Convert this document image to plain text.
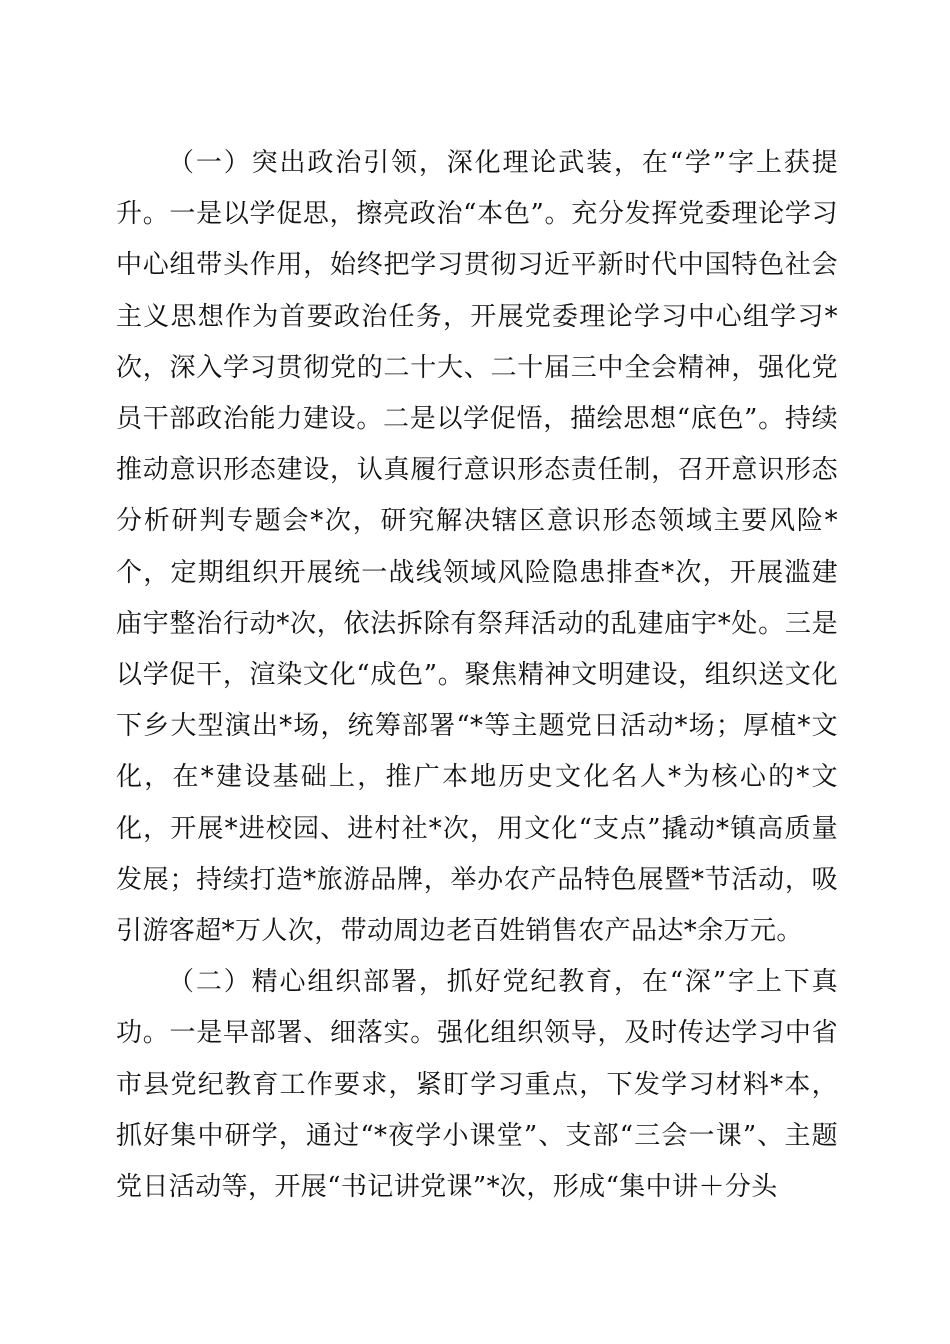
（一）突出政治引领，深化理论武装，在“学”字上获提升。一是以学促思，擦亮政治“本色”。充分发挥党委理论学习中心组带头作用，始终把学习贯彻习近平新时代中国特色社会主义思想作为首要政治任务，开展党委理论学习中心组学习*次，深入学习贯彻党的二十大、二十届三中全会精神，强化党员干部政治能力建设。二是以学促悟，描绘思想“底色”。持续推动意识形态建设，认真履行意识形态责任制，召开意识形态分析研判专题会*次，研究解决辖区意识形态领域主要风险*个，定期组织开展统一战线领域风险隐患排查*次，开展滥建庙宇整治行动*次，依法拆除有祭拜活动的乱建庙宇*处。三是以学促干，渲染文化“成色”。聚焦精神文明建设，组织送文化下乡大型演出*场，统筹部署“*等主题党日活动*场；厚植*文化，在*建设基础上，推广本地历史文化名人*为核心的*文化，开展*进校园、进村社*次，用文化“支点”撬动*镇高质量发展；持续打造*旅游品牌，举办农产品特色展暨*节活动，吸引游客超*万人次，带动周边老百姓销售农产品达*余万元。

（二）精心组织部署，抓好党纪教育，在“深”字上下真功。一是早部署、细落实。强化组织领导，及时传达学习中省市县党纪教育工作要求，紧盯学习重点，下发学习材料*本，抓好集中研学，通过“*夜学小课堂”、支部“三会一课”、主题党日活动等，开展“书记讲党课”*次，形成“集中讲＋分头
